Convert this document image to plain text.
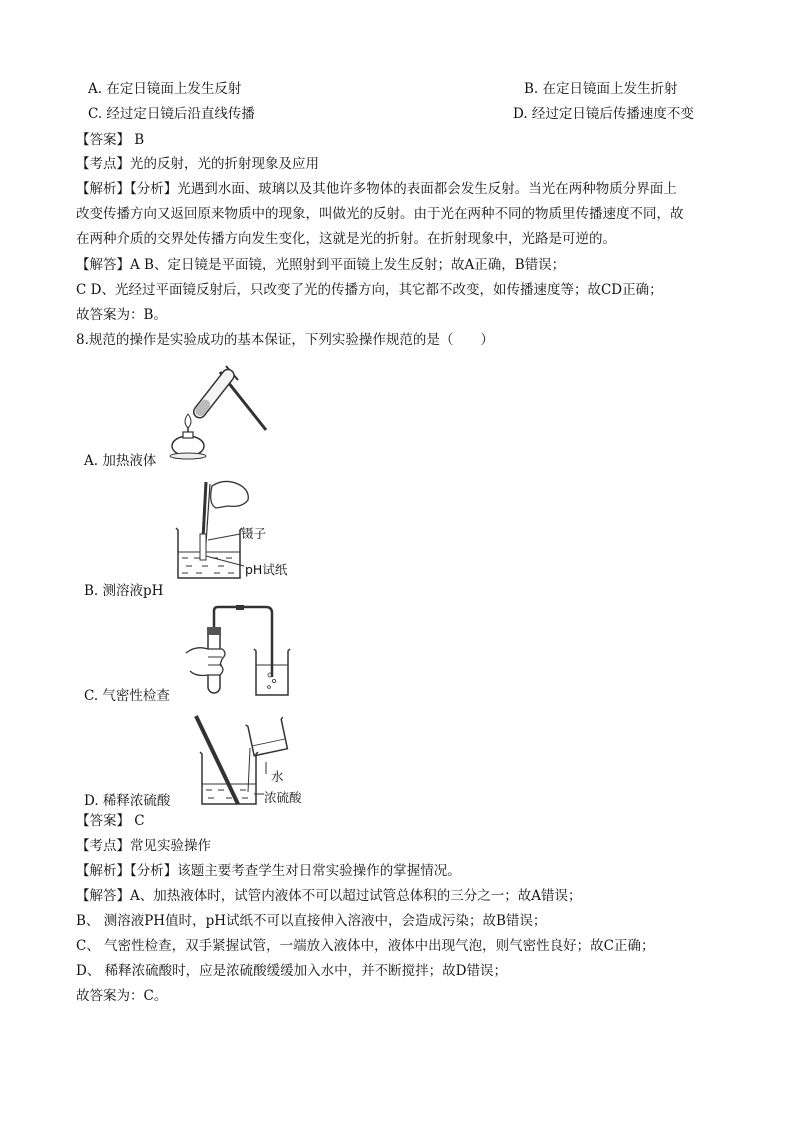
A. 在定日镜面上发生反射	B. 在定日镜面上发生折射
C. 经过定日镜后沿直线传播	D. 经过定日镜后传播速度不变
【答案】 B
【考点】光的反射，光的折射现象及应用
【解析】【分析】光遇到水面、玻璃以及其他许多物体的表面都会发生反射。当光在两种物质分界面上
改变传播方向又返回原来物质中的现象，叫做光的反射。由于光在两种不同的物质里传播速度不同，故
在两种介质的交界处传播方向发生变化，这就是光的折射。在折射现象中，光路是可逆的。
【解答】A B、定日镜是平面镜，光照射到平面镜上发生反射；故A正确，B错误；
C D、光经过平面镜反射后，只改变了光的传播方向，其它都不改变，如传播速度等；故CD正确；
故答案为：B。
8.规范的操作是实验成功的基本保证，下列实验操作规范的是（　　）
A. 加热液体
镊子
pH试纸
B. 测溶液pH
C. 气密性检查
水
浓硫酸
D. 稀释浓硫酸
【答案】 C
【考点】常见实验操作
【解析】【分析】该题主要考查学生对日常实验操作的掌握情况。
【解答】A、加热液体时，试管内液体不可以超过试管总体积的三分之一；故A错误；
B、 测溶液PH值时，pH试纸不可以直接伸入溶液中，会造成污染；故B错误；
C、 气密性检查，双手紧握试管，一端放入液体中，液体中出现气泡，则气密性良好；故C正确；
D、 稀释浓硫酸时，应是浓硫酸缓缓加入水中，并不断搅拌；故D错误；
故答案为：C。
